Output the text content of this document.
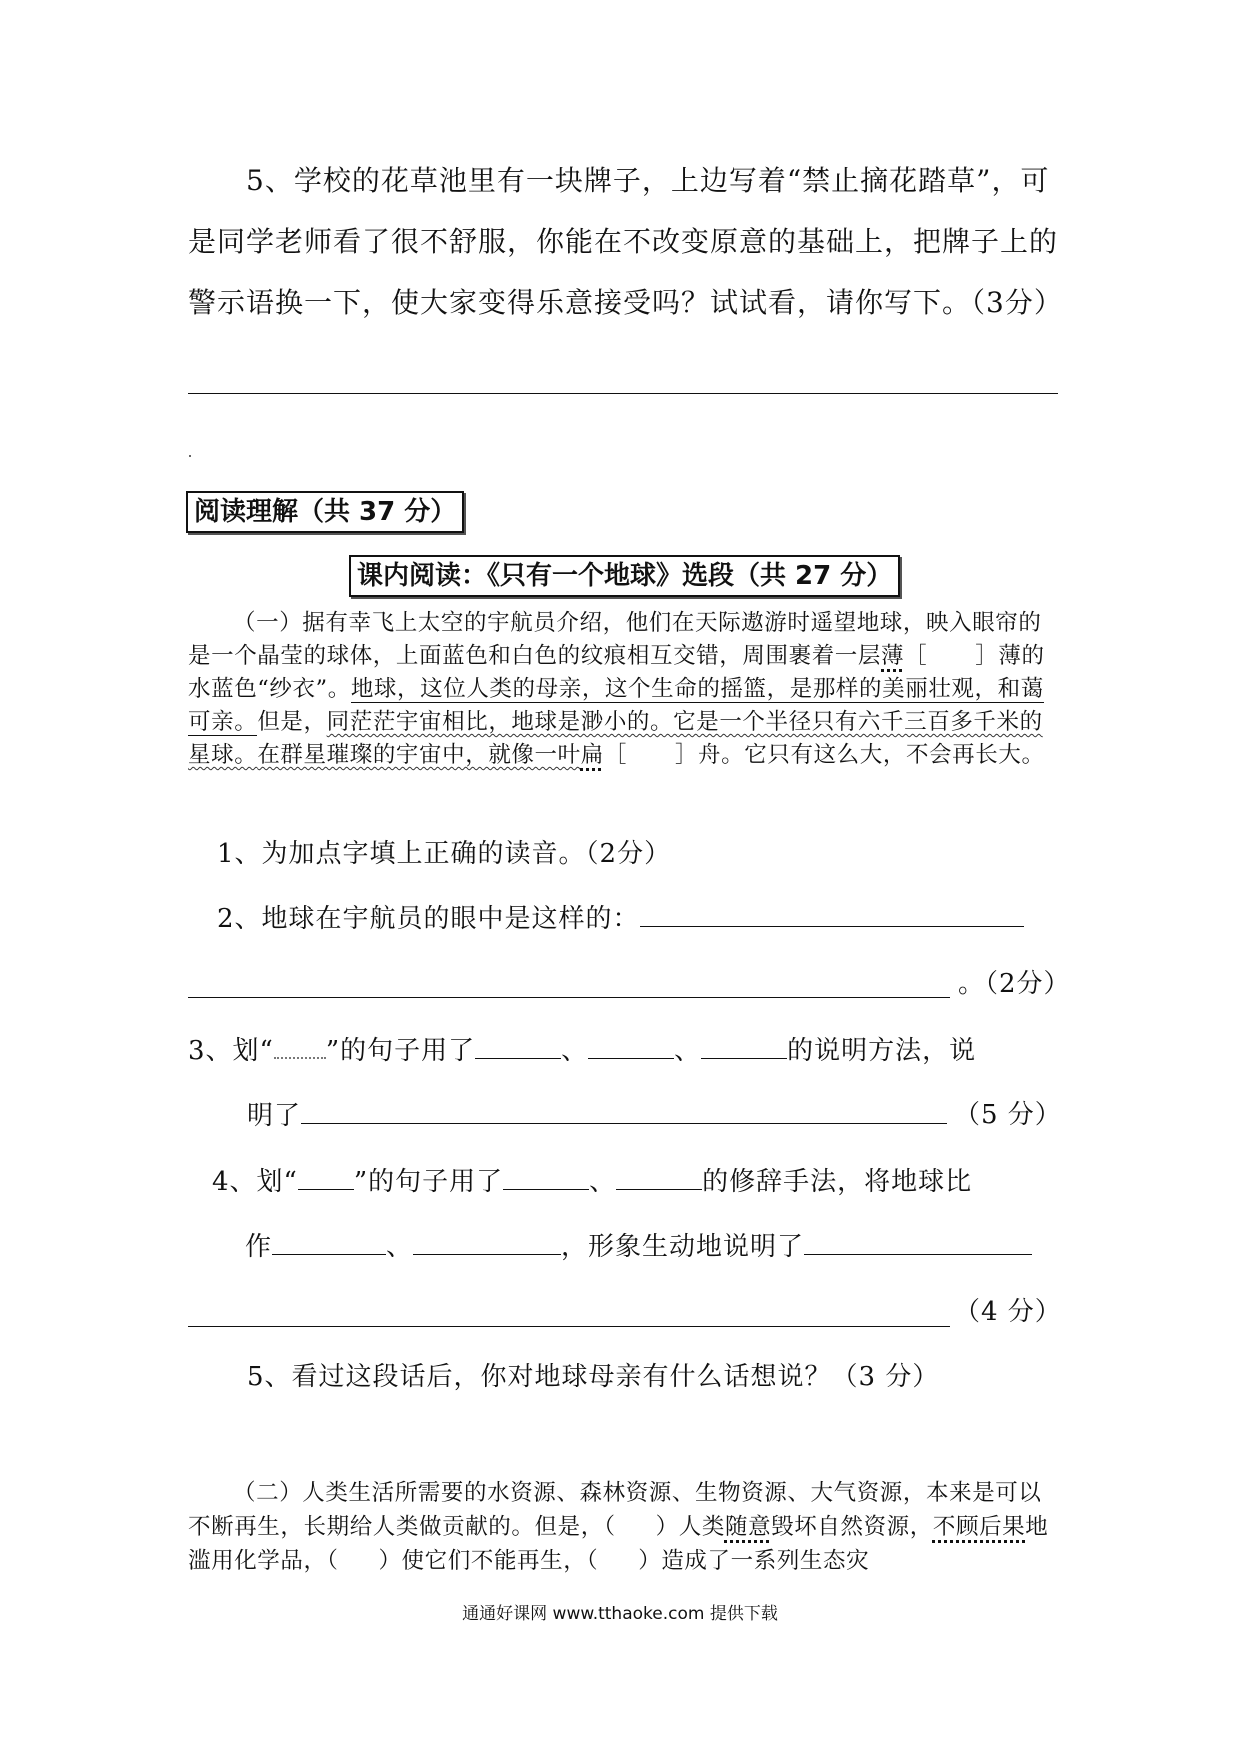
5、学校的花草池里有一块牌子，上边写着“禁止摘花踏草”，可是同学老师看了很不舒服，你能在不改变原意的基础上，把牌子上的警示语换一下，使大家变得乐意接受吗？试试看，请你写下。（3分）
阅读理解（共 37 分）
课内阅读：《只有一个地球》选段（共 27 分）

（一）据有幸飞上太空的宇航员介绍，他们在天际遨游时遥望地球，映入眼帘的是一个晶莹的球体，上面蓝色和白色的纹痕相互交错，周围裹着一层薄［ ］薄的水蓝色“纱衣”。地球，这位人类的母亲，这个生命的摇篮，是那样的美丽壮观，和蔼可亲。但是，同茫茫宇宙相比，地球是渺小的。它是一个半径只有六千三百多千米的星球。在群星璀璨的宇宙中，就像一叶扁［ ］舟。它只有这么大，不会再长大。

1、为加点字填上正确的读音。（2分）
2、地球在宇航员的眼中是这样的：
。（2分）
3、划“ ”的句子用了	、	、	的说明方法，说
明了	（5 分）
4、划“ ”的句子用了	、	的修辞手法，将地球比
作	、	，形象生动地说明了
（4 分）
5、看过这段话后，你对地球母亲有什么话想说？（3 分）

（二）人类生活所需要的水资源、森林资源、生物资源、大气资源，本来是可以不断再生，长期给人类做贡献的。但是，（ ）人类随意毁坏自然资源，不顾后果地滥用化学品，（ ）使它们不能再生，（ ）造成了一系列生态灾

通通好课网 www.tthaoke.com 提供下载
